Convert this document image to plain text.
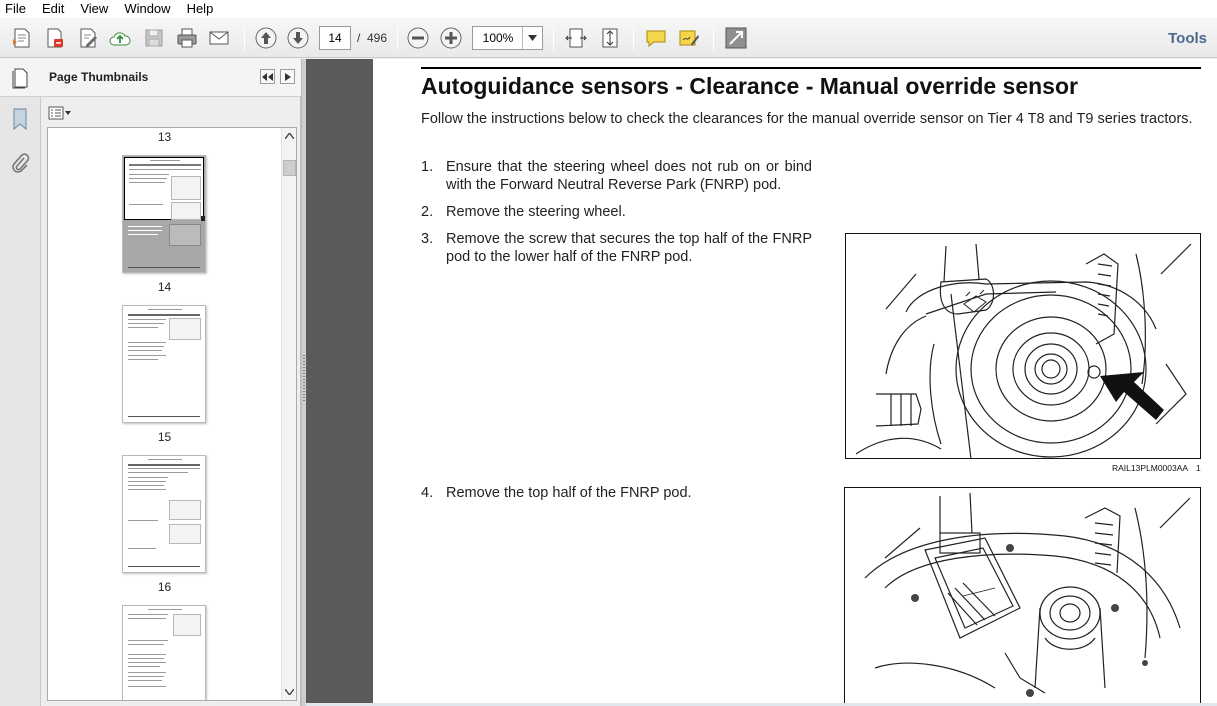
File	Edit	View	Window	Help
14
/ 496	100%	Tools
Page Thumbnails
13
14
15
16
Autoguidance sensors - Clearance - Manual override sensor
Follow the instructions below to check the clearances for the manual override sensor on Tier 4 T8 and T9 series tractors.
1. Ensure that the steering wheel does not rub on or bind with the Forward Neutral Reverse Park (FNRP) pod.
2. Remove the steering wheel.
3. Remove the screw that secures the top half of the FNRP pod to the lower half of the FNRP pod.
RAIL13PLM0003AA 1
4. Remove the top half of the FNRP pod.
